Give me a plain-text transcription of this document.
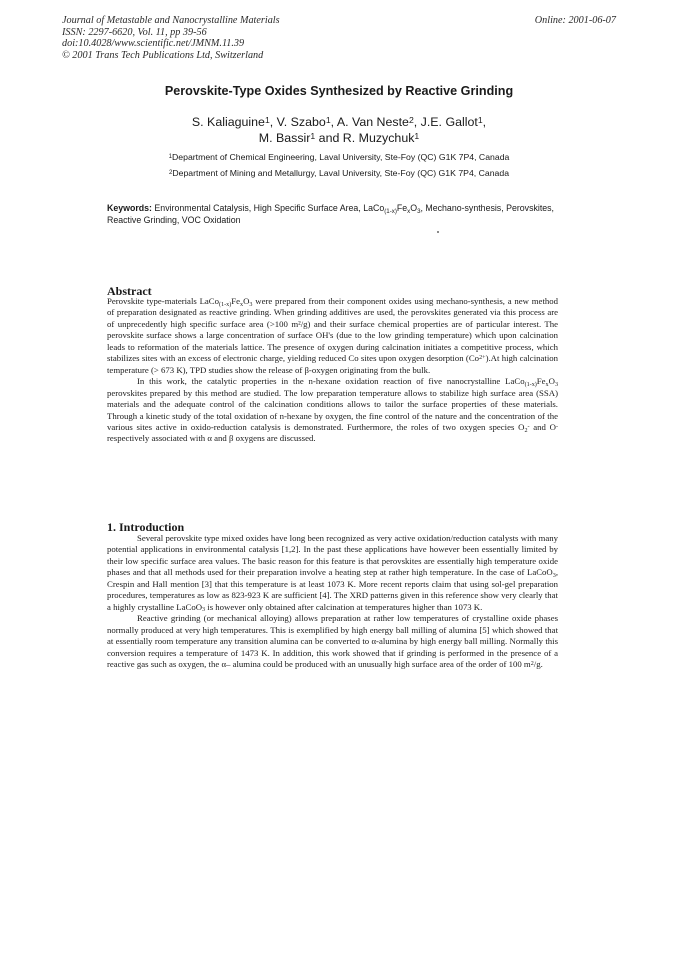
Journal of Metastable and Nanocrystalline Materials
ISSN: 2297-6620, Vol. 11, pp 39-56
doi:10.4028/www.scientific.net/JMNM.11.39
© 2001 Trans Tech Publications Ltd, Switzerland
Online: 2001-06-07
Perovskite-Type Oxides Synthesized by Reactive Grinding
S. Kaliaguine$^1$, V. Szabo$^1$, A. Van Neste$^2$, J.E. Gallot$^1$,
M. Bassir$^1$ and R. Muzychuk$^1$
$^1$Department of Chemical Engineering, Laval University, Ste-Foy (QC) G1K 7P4, Canada
$^2$Department of Mining and Metallurgy, Laval University, Ste-Foy (QC) G1K 7P4, Canada
Keywords: Environmental Catalysis, High Specific Surface Area, $LaCo_{(1-x)}Fe_xO_3$, Mechano-synthesis, Perovskites, Reactive Grinding, VOC Oxidation
Abstract

Perovskite type-materials $LaCo_{(1-x)}Fe_xO_3$ were prepared from their component oxides using mechano-synthesis, a new method of preparation designated as reactive grinding. When grinding additives are used, the perovskites generated via this process are of unprecedently high specific surface area (>100 m²/g) and their surface chemical properties are of particular interest. The perovskite surface shows a large concentration of surface OH's (due to the low grinding temperature) which upon calcination leads to reformation of the materials lattice. The presence of oxygen during calcination initiates a competitive process, which stabilizes sites with an excess of electronic charge, yielding reduced Co sites upon oxygen desorption $(Co^{2+}).At$ high calcination temperature (> 673 K), TPD studies show the release of β-oxygen originating from the bulk.

In this work, the catalytic properties in the n-hexane oxidation reaction of five nanocrystalline $LaCo_{(1-x)}Fe_xO_3$ perovskites prepared by this method are studied. The low preparation temperature allows to stabilize high surface area (SSA) materials and the adequate control of the calcination conditions allows to tailor the surface properties of these materials. Through a kinetic study of the total oxidation of n-hexane by oxygen, the fine control of the nature and the concentration of the various sites active in oxido-reduction catalysis is demonstrated. Furthermore, the roles of two oxygen species $O_2^-$ and O- respectively associated with α and β oxygens are discussed.

1. Introduction

Several perovskite type mixed oxides have long been recognized as very active oxidation/reduction catalysts with many potential applications in environmental catalysis [1,2]. In the past these applications have however been essentially limited by their low specific surface area values. The basic reason for this feature is that perovskites are essentially high temperature oxide phases and that all methods used for their preparation involve a heating step at rather high temperature. In the case of LaCoO$_3$, Crespin and Hall mention [3] that this temperature is at least 1073 K. More recent reports claim that using sol-gel preparation procedures, temperatures as low as 823-923 K are sufficient [4]. The XRD patterns given in this reference show very clearly that a highly crystalline LaCoO$_3$ is however only obtained after calcination at temperatures higher than 1073 K.

Reactive grinding (or mechanical alloying) allows preparation at rather low temperatures of crystalline oxide phases normally produced at very high temperatures. This is exemplified by high energy ball milling of alumina [5] which showed that at essentially room temperature any transition alumina can be converted to α-alumina by high energy ball milling. Normally this conversion requires a temperature of 1473 K. In addition, this work showed that if grinding is performed in the presence of a reactive gas such as oxygen, the α– alumina could be produced with an unusually high surface area of the order of 100 $m^2/g$.
